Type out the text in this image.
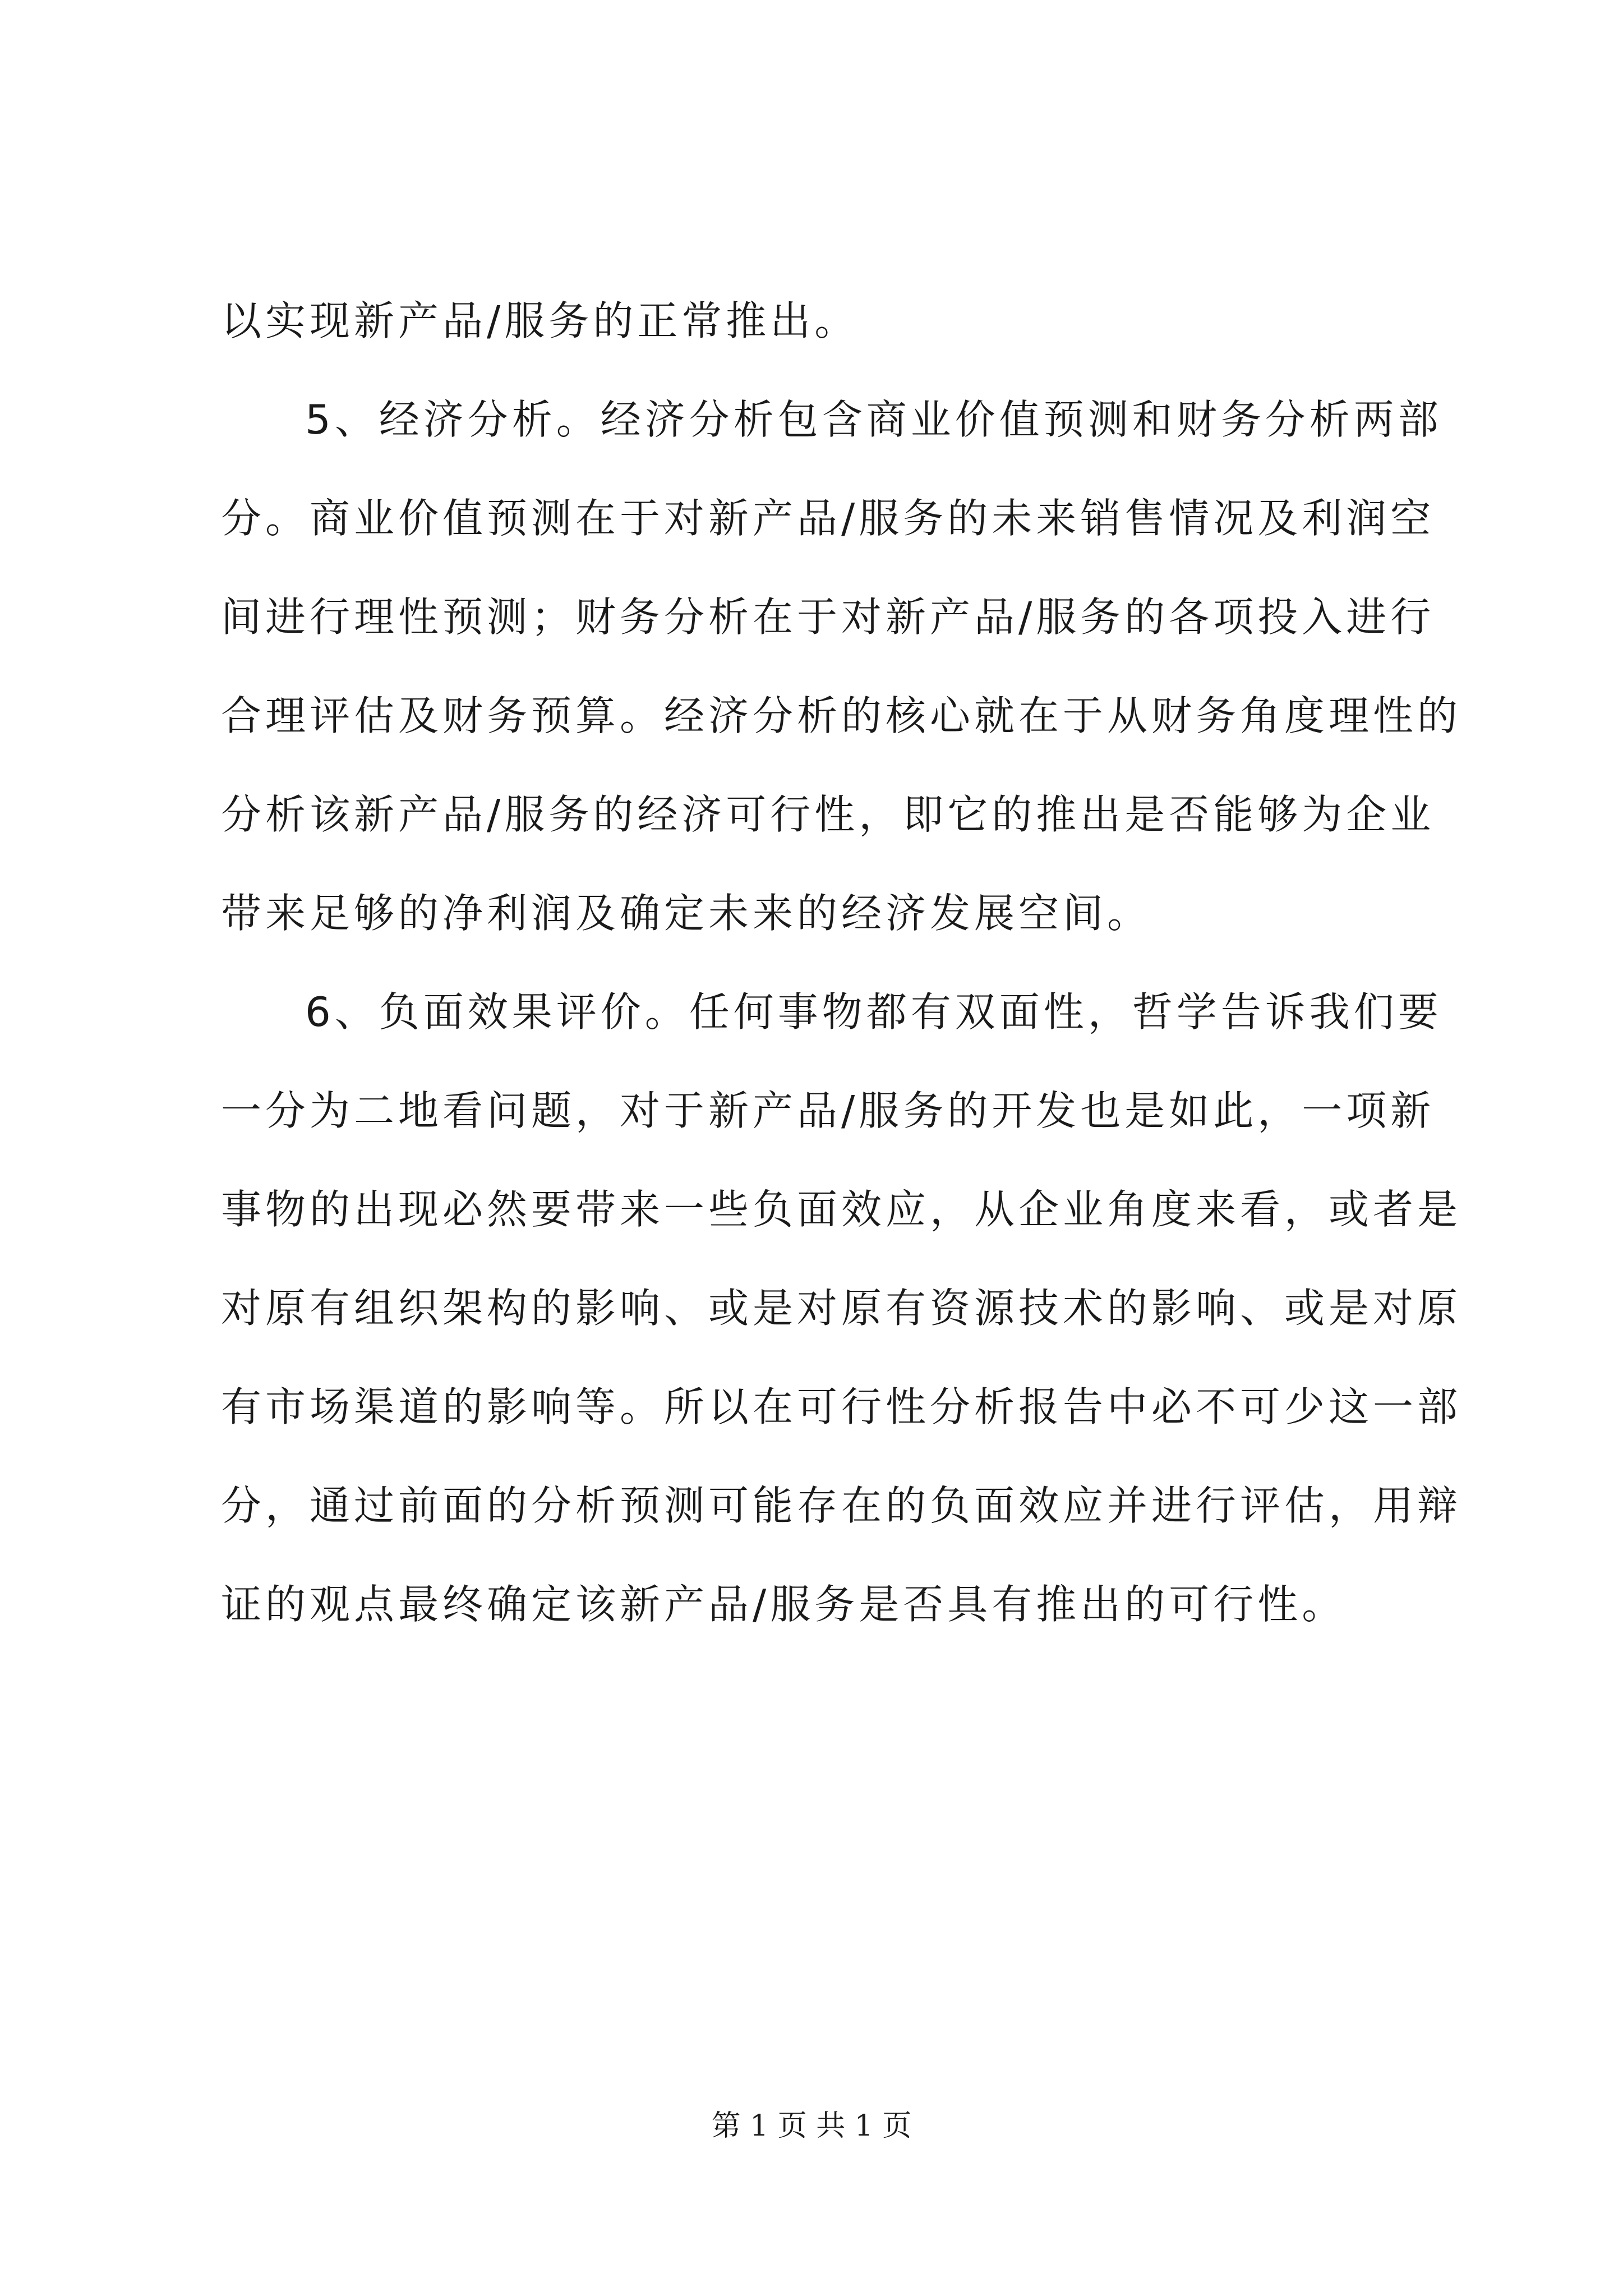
以实现新产品/服务的正常推出。
5、经济分析。经济分析包含商业价值预测和财务分析两部
分。商业价值预测在于对新产品/服务的未来销售情况及利润空
间进行理性预测；财务分析在于对新产品/服务的各项投入进行
合理评估及财务预算。经济分析的核心就在于从财务角度理性的
分析该新产品/服务的经济可行性，即它的推出是否能够为企业
带来足够的净利润及确定未来的经济发展空间。
6、负面效果评价。任何事物都有双面性，哲学告诉我们要
一分为二地看问题，对于新产品/服务的开发也是如此，一项新
事物的出现必然要带来一些负面效应，从企业角度来看，或者是
对原有组织架构的影响、或是对原有资源技术的影响、或是对原
有市场渠道的影响等。所以在可行性分析报告中必不可少这一部
分，通过前面的分析预测可能存在的负面效应并进行评估，用辩
证的观点最终确定该新产品/服务是否具有推出的可行性。
第 1 页 共 1 页
